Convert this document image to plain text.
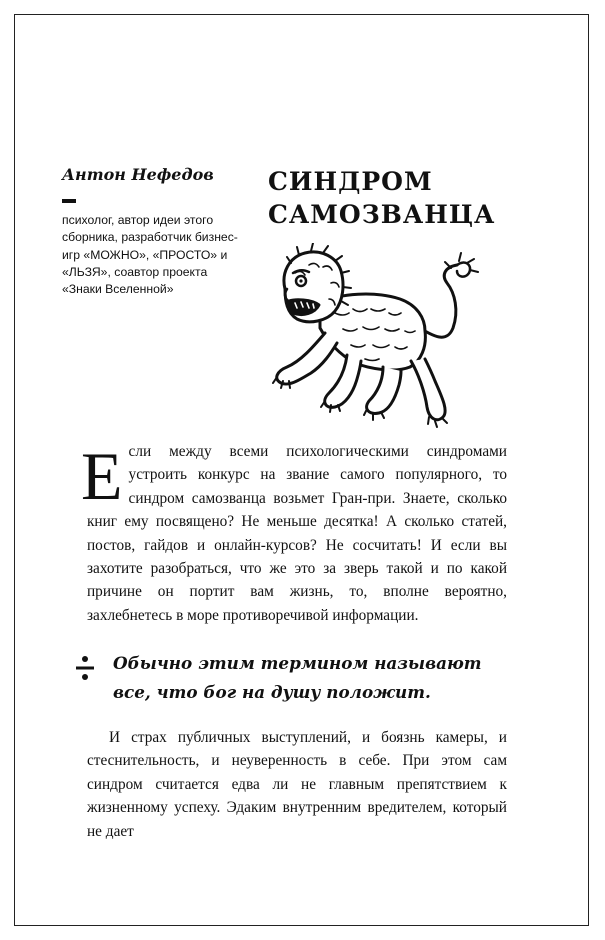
Антон Нефедов

психолог, автор идеи этого сборника, разработчик бизнес-игр «МОЖНО», «ПРОСТО» и «ЛЬЗЯ», соавтор проекта «Знаки Вселенной»

СИНДРОМ
САМОЗВАНЦА

Если между всеми психологическими синдромами устроить конкурс на звание самого популярного, то синдром самозванца возьмет Гран-при. Знаете, сколько книг ему посвящено? Не меньше десятка! А сколько статей, постов, гайдов и онлайн-курсов? Не сосчитать! И если вы захотите разобраться, что же это за зверь такой и по какой причине он портит вам жизнь, то, вполне вероятно, захлебнетесь в море противоречивой информации.

Обычно этим термином называют все, что бог на душу положит.

И страх публичных выступлений, и боязнь камеры, и стеснительность, и неуверенность в себе. При этом сам синдром считается едва ли не главным препятствием к жизненному успеху. Эдаким внутренним вредителем, который не дает
